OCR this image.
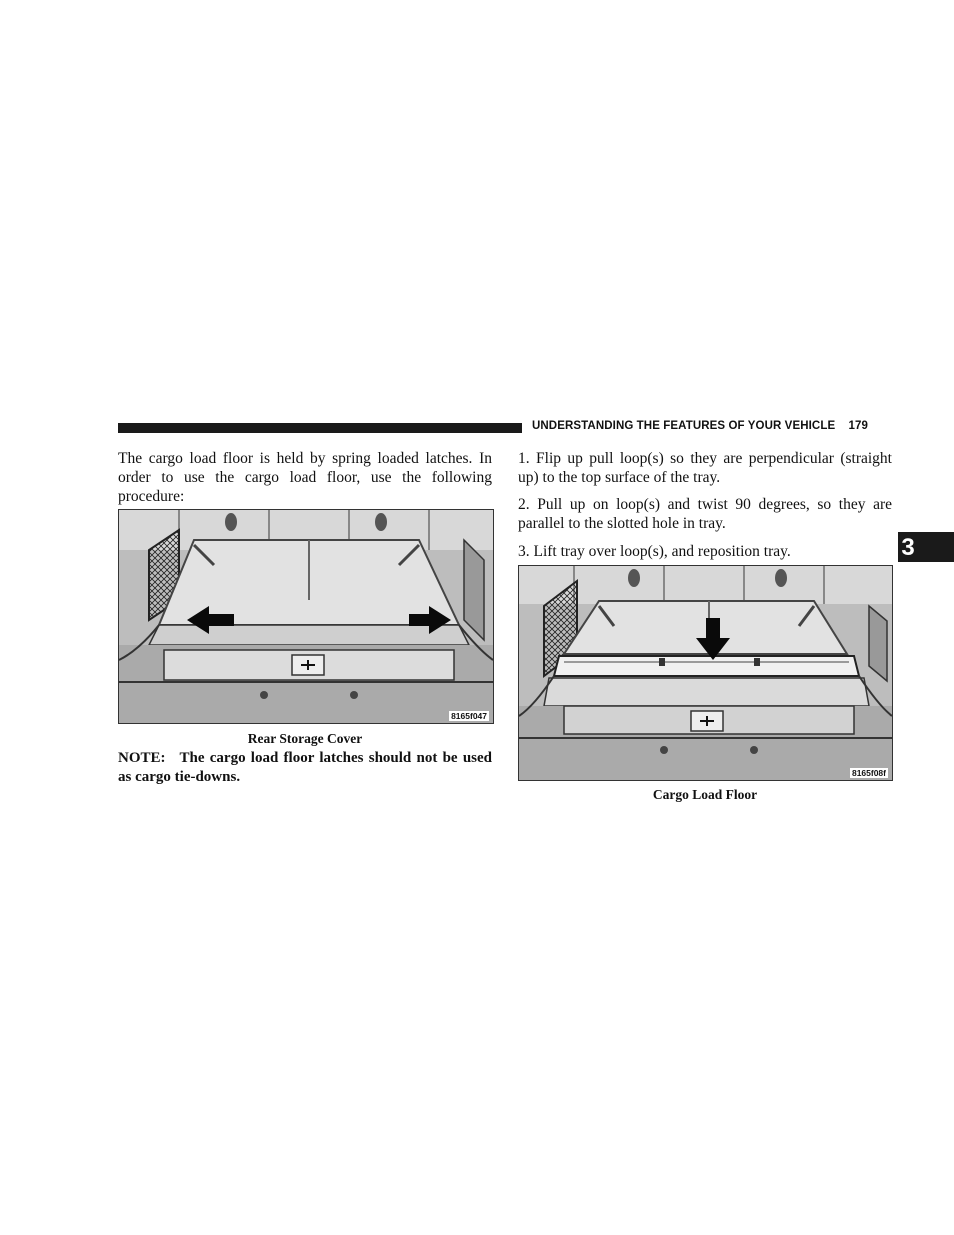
UNDERSTANDING THE FEATURES OF YOUR VEHICLE 179

The cargo load floor is held by spring loaded latches. In order to use the cargo load floor, use the following procedure:

8165f047
Rear Storage Cover
NOTE: The cargo load floor latches should not be used as cargo tie-downs.

1. Flip up pull loop(s) so they are perpendicular (straight up) to the top surface of the tray.

2. Pull up on loop(s) and twist 90 degrees, so they are parallel to the slotted hole in tray.

3. Lift tray over loop(s), and reposition tray.

8165f08f
Cargo Load Floor
3
